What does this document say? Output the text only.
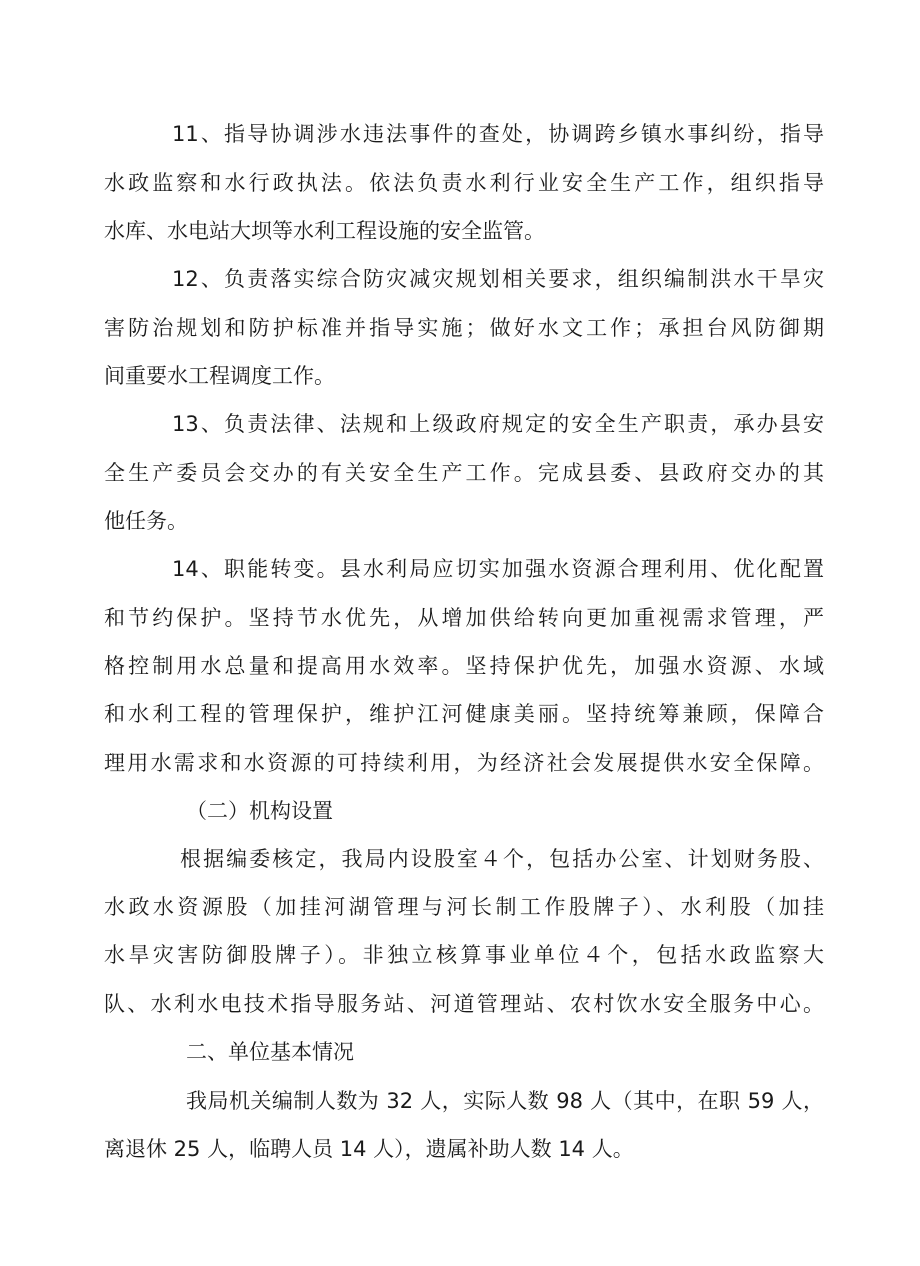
11、指导协调涉水违法事件的查处，协调跨乡镇水事纠纷，指导
水政监察和水行政执法。依法负责水利行业安全生产工作，组织指导
水库、水电站大坝等水利工程设施的安全监管。
12、负责落实综合防灾减灾规划相关要求，组织编制洪水干旱灾
害防治规划和防护标准并指导实施；做好水文工作；承担台风防御期
间重要水工程调度工作。
13、负责法律、法规和上级政府规定的安全生产职责，承办县安
全生产委员会交办的有关安全生产工作。完成县委、县政府交办的其
他任务。
14、职能转变。县水利局应切实加强水资源合理利用、优化配置
和节约保护。坚持节水优先，从增加供给转向更加重视需求管理，严
格控制用水总量和提高用水效率。坚持保护优先，加强水资源、水域
和水利工程的管理保护，维护江河健康美丽。坚持统筹兼顾，保障合
理用水需求和水资源的可持续利用，为经济社会发展提供水安全保障。
（二）机构设置
根据编委核定，我局内设股室４个，包括办公室、计划财务股、
水政水资源股（加挂河湖管理与河长制工作股牌子）、水利股（加挂
水旱灾害防御股牌子）。非独立核算事业单位４个，包括水政监察大
队、水利水电技术指导服务站、河道管理站、农村饮水安全服务中心。
二、单位基本情况
我局机关编制人数为 32 人，实际人数 98 人（其中，在职 59 人，
离退休 25 人，临聘人员 14 人），遗属补助人数 14 人。
